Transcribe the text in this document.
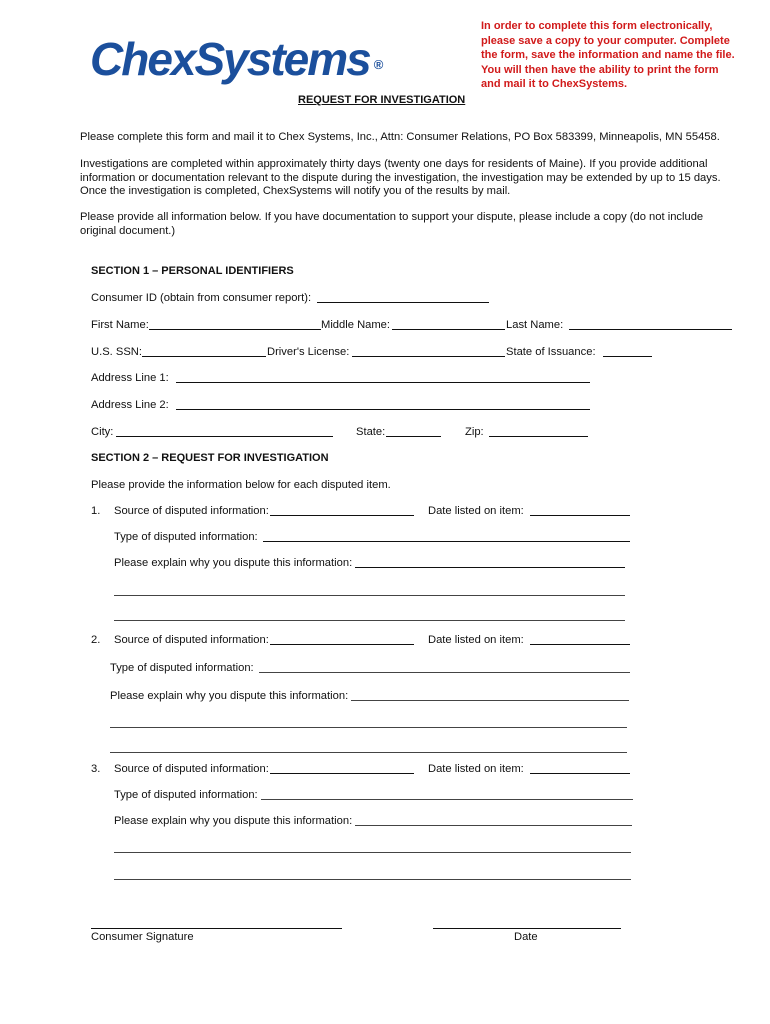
ChexSystems ®
In order to complete this form electronically,
please save a copy to your computer. Complete
the form, save the information and name the file.
You will then have the ability to print the form
and mail it to ChexSystems.
REQUEST FOR INVESTIGATION
Please complete this form and mail it to Chex Systems, Inc., Attn: Consumer Relations, PO Box 583399, Minneapolis, MN 55458.
Investigations are completed within approximately thirty days (twenty one days for residents of Maine). If you provide additional
information or documentation relevant to the dispute during the investigation, the investigation may be extended by up to 15 days.
Once the investigation is completed, ChexSystems will notify you of the results by mail.
Please provide all information below. If you have documentation to support your dispute, please include a copy (do not include
original document.)
SECTION 1 – PERSONAL IDENTIFIERS
Consumer ID (obtain from consumer report):
First Name:	Middle Name:	Last Name:
U.S. SSN:	Driver's License:	State of Issuance:
Address Line 1:
Address Line 2:
City:	State:	Zip:
SECTION 2 – REQUEST FOR INVESTIGATION
Please provide the information below for each disputed item.
1. Source of disputed information:	Date listed on item:
Type of disputed information:
Please explain why you dispute this information:
2. Source of disputed information:	Date listed on item:
Type of disputed information:
Please explain why you dispute this information:
3. Source of disputed information:	Date listed on item:
Type of disputed information:
Please explain why you dispute this information:
Consumer Signature	Date
